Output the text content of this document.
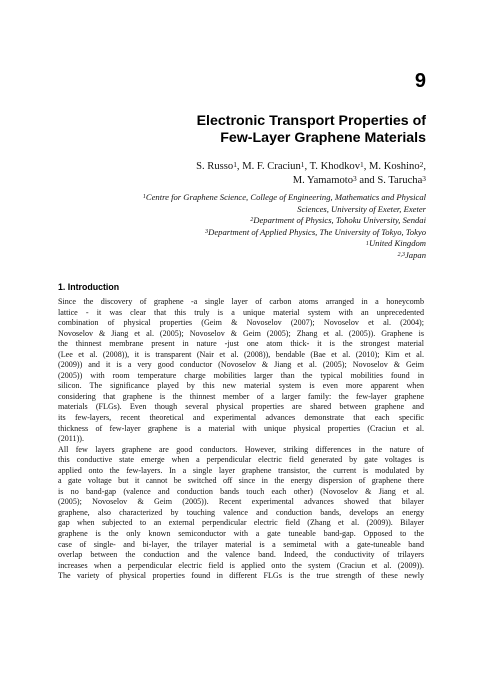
9
Electronic Transport Properties of
Few-Layer Graphene Materials
S. Russo$^1$, M. F. Craciun$^1$, T. Khodkov$^1$, M. Koshino$^2$,
M. Yamamoto$^3$ and S. Tarucha$^3$
$^1$Centre for Graphene Science, College of Engineering, Mathematics and Physical
Sciences, University of Exeter, Exeter
$^2$Department of Physics, Tohoku University, Sendai
$^3$Department of Applied Physics, The University of Tokyo, Tokyo
$^1$United Kingdom
$^{2,3}$Japan
1. Introduction
Since the discovery of graphene -a single layer of carbon atoms arranged in a honeycomb
lattice - it was clear that this truly is a unique material system with an unprecedented
combination of physical properties (Geim & Novoselov (2007); Novoselov et al. (2004);
Novoselov & Jiang et al. (2005); Novoselov & Geim (2005); Zhang et al. (2005)). Graphene is
the thinnest membrane present in nature -just one atom thick- it is the strongest material
(Lee et al. (2008)), it is transparent (Nair et al. (2008)), bendable (Bae et al. (2010); Kim et al.
(2009)) and it is a very good conductor (Novoselov & Jiang et al. (2005); Novoselov & Geim
(2005)) with room temperature charge mobilities larger than the typical mobilities found in
silicon. The significance played by this new material system is even more apparent when
considering that graphene is the thinnest member of a larger family: the few-layer graphene
materials (FLGs). Even though several physical properties are shared between graphene and
its few-layers, recent theoretical and experimental advances demonstrate that each specific
thickness of few-layer graphene is a material with unique physical properties (Craciun et al.
(2011)).
All few layers graphene are good conductors. However, striking differences in the nature of
this conductive state emerge when a perpendicular electric field generated by gate voltages is
applied onto the few-layers. In a single layer graphene transistor, the current is modulated by
a gate voltage but it cannot be switched off since in the energy dispersion of graphene there
is no band-gap (valence and conduction bands touch each other) (Novoselov & Jiang et al.
(2005); Novoselov & Geim (2005)). Recent experimental advances showed that bilayer
graphene, also characterized by touching valence and conduction bands, develops an energy
gap when subjected to an external perpendicular electric field (Zhang et al. (2009)). Bilayer
graphene is the only known semiconductor with a gate tuneable band-gap. Opposed to the
case of single- and bi-layer, the trilayer material is a semimetal with a gate-tuneable band
overlap between the conduction and the valence band. Indeed, the conductivity of trilayers
increases when a perpendicular electric field is applied onto the system (Craciun et al. (2009)).
The variety of physical properties found in different FLGs is the true strength of these newly
